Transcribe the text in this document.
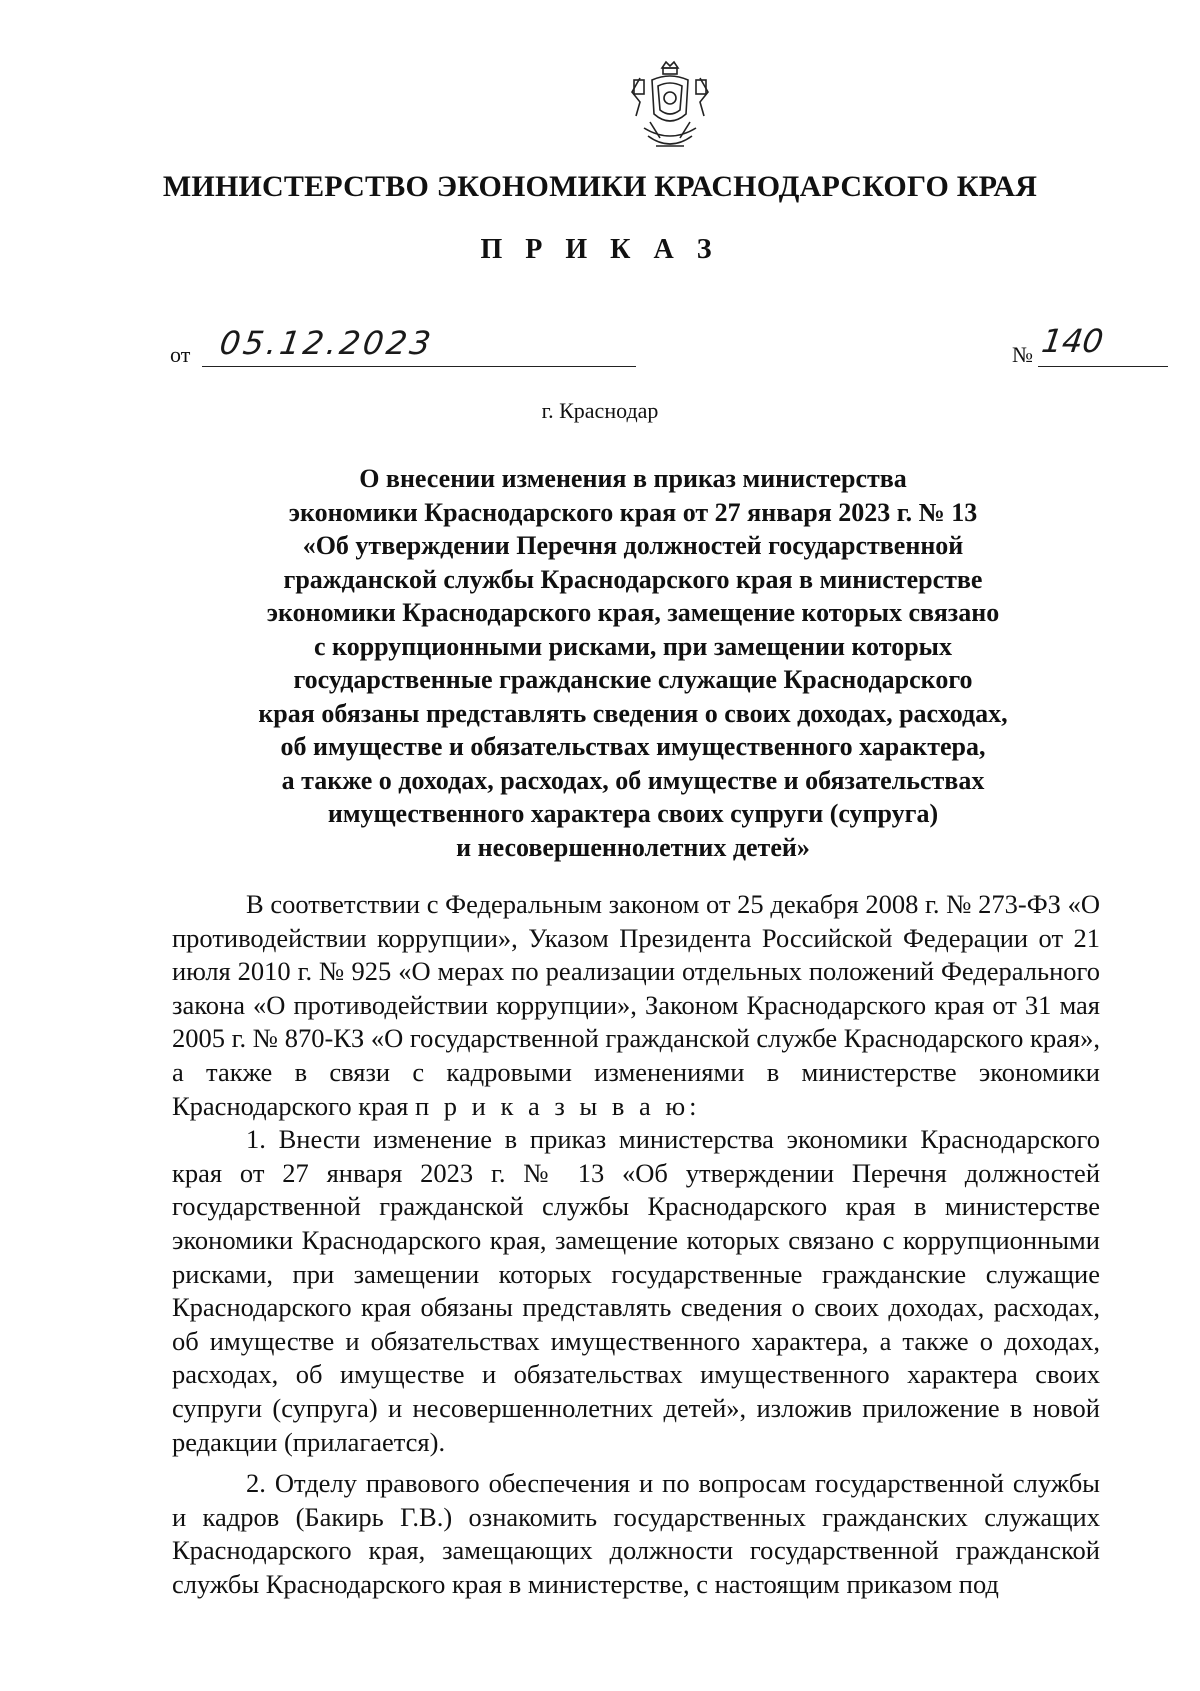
МИНИСТЕРСТВО ЭКОНОМИКИ КРАСНОДАРСКОГО КРАЯ
П Р И К А З
от 05.12.2023	№ 140
г. Краснодар
О внесении изменения в приказ министерства
экономики Краснодарского края от 27 января 2023 г. № 13
«Об утверждении Перечня должностей государственной
гражданской службы Краснодарского края в министерстве
экономики Краснодарского края, замещение которых связано
с коррупционными рисками, при замещении которых
государственные гражданские служащие Краснодарского
края обязаны представлять сведения о своих доходах, расходах,
об имуществе и обязательствах имущественного характера,
а также о доходах, расходах, об имуществе и обязательствах
имущественного характера своих супруги (супруга)
и несовершеннолетних детей»

В соответствии с Федеральным законом от 25 декабря 2008 г. № 273-ФЗ «О противодействии коррупции», Указом Президента Российской Федерации от 21 июля 2010 г. № 925 «О мерах по реализации отдельных положений Федерального закона «О противодействии коррупции», Законом Краснодарского края от 31 мая 2005 г. № 870-КЗ «О государственной гражданской службе Краснодарского края», а также в связи с кадровыми изменениями в министерстве экономики Краснодарского края п р и к а з ы в а ю:

1. Внести изменение в приказ министерства экономики Краснодарского края от 27 января 2023 г. № 13 «Об утверждении Перечня должностей государственной гражданской службы Краснодарского края в министерстве экономики Краснодарского края, замещение которых связано с коррупционными рисками, при замещении которых государственные гражданские служащие Краснодарского края обязаны представлять сведения о своих доходах, расходах, об имуществе и обязательствах имущественного характера, а также о доходах, расходах, об имуществе и обязательствах имущественного характера своих супруги (супруга) и несовершеннолетних детей», изложив приложение в новой редакции (прилагается).

2. Отделу правового обеспечения и по вопросам государственной службы и кадров (Бакирь Г.В.) ознакомить государственных гражданских служащих Краснодарского края, замещающих должности государственной гражданской службы Краснодарского края в министерстве, с настоящим приказом под
